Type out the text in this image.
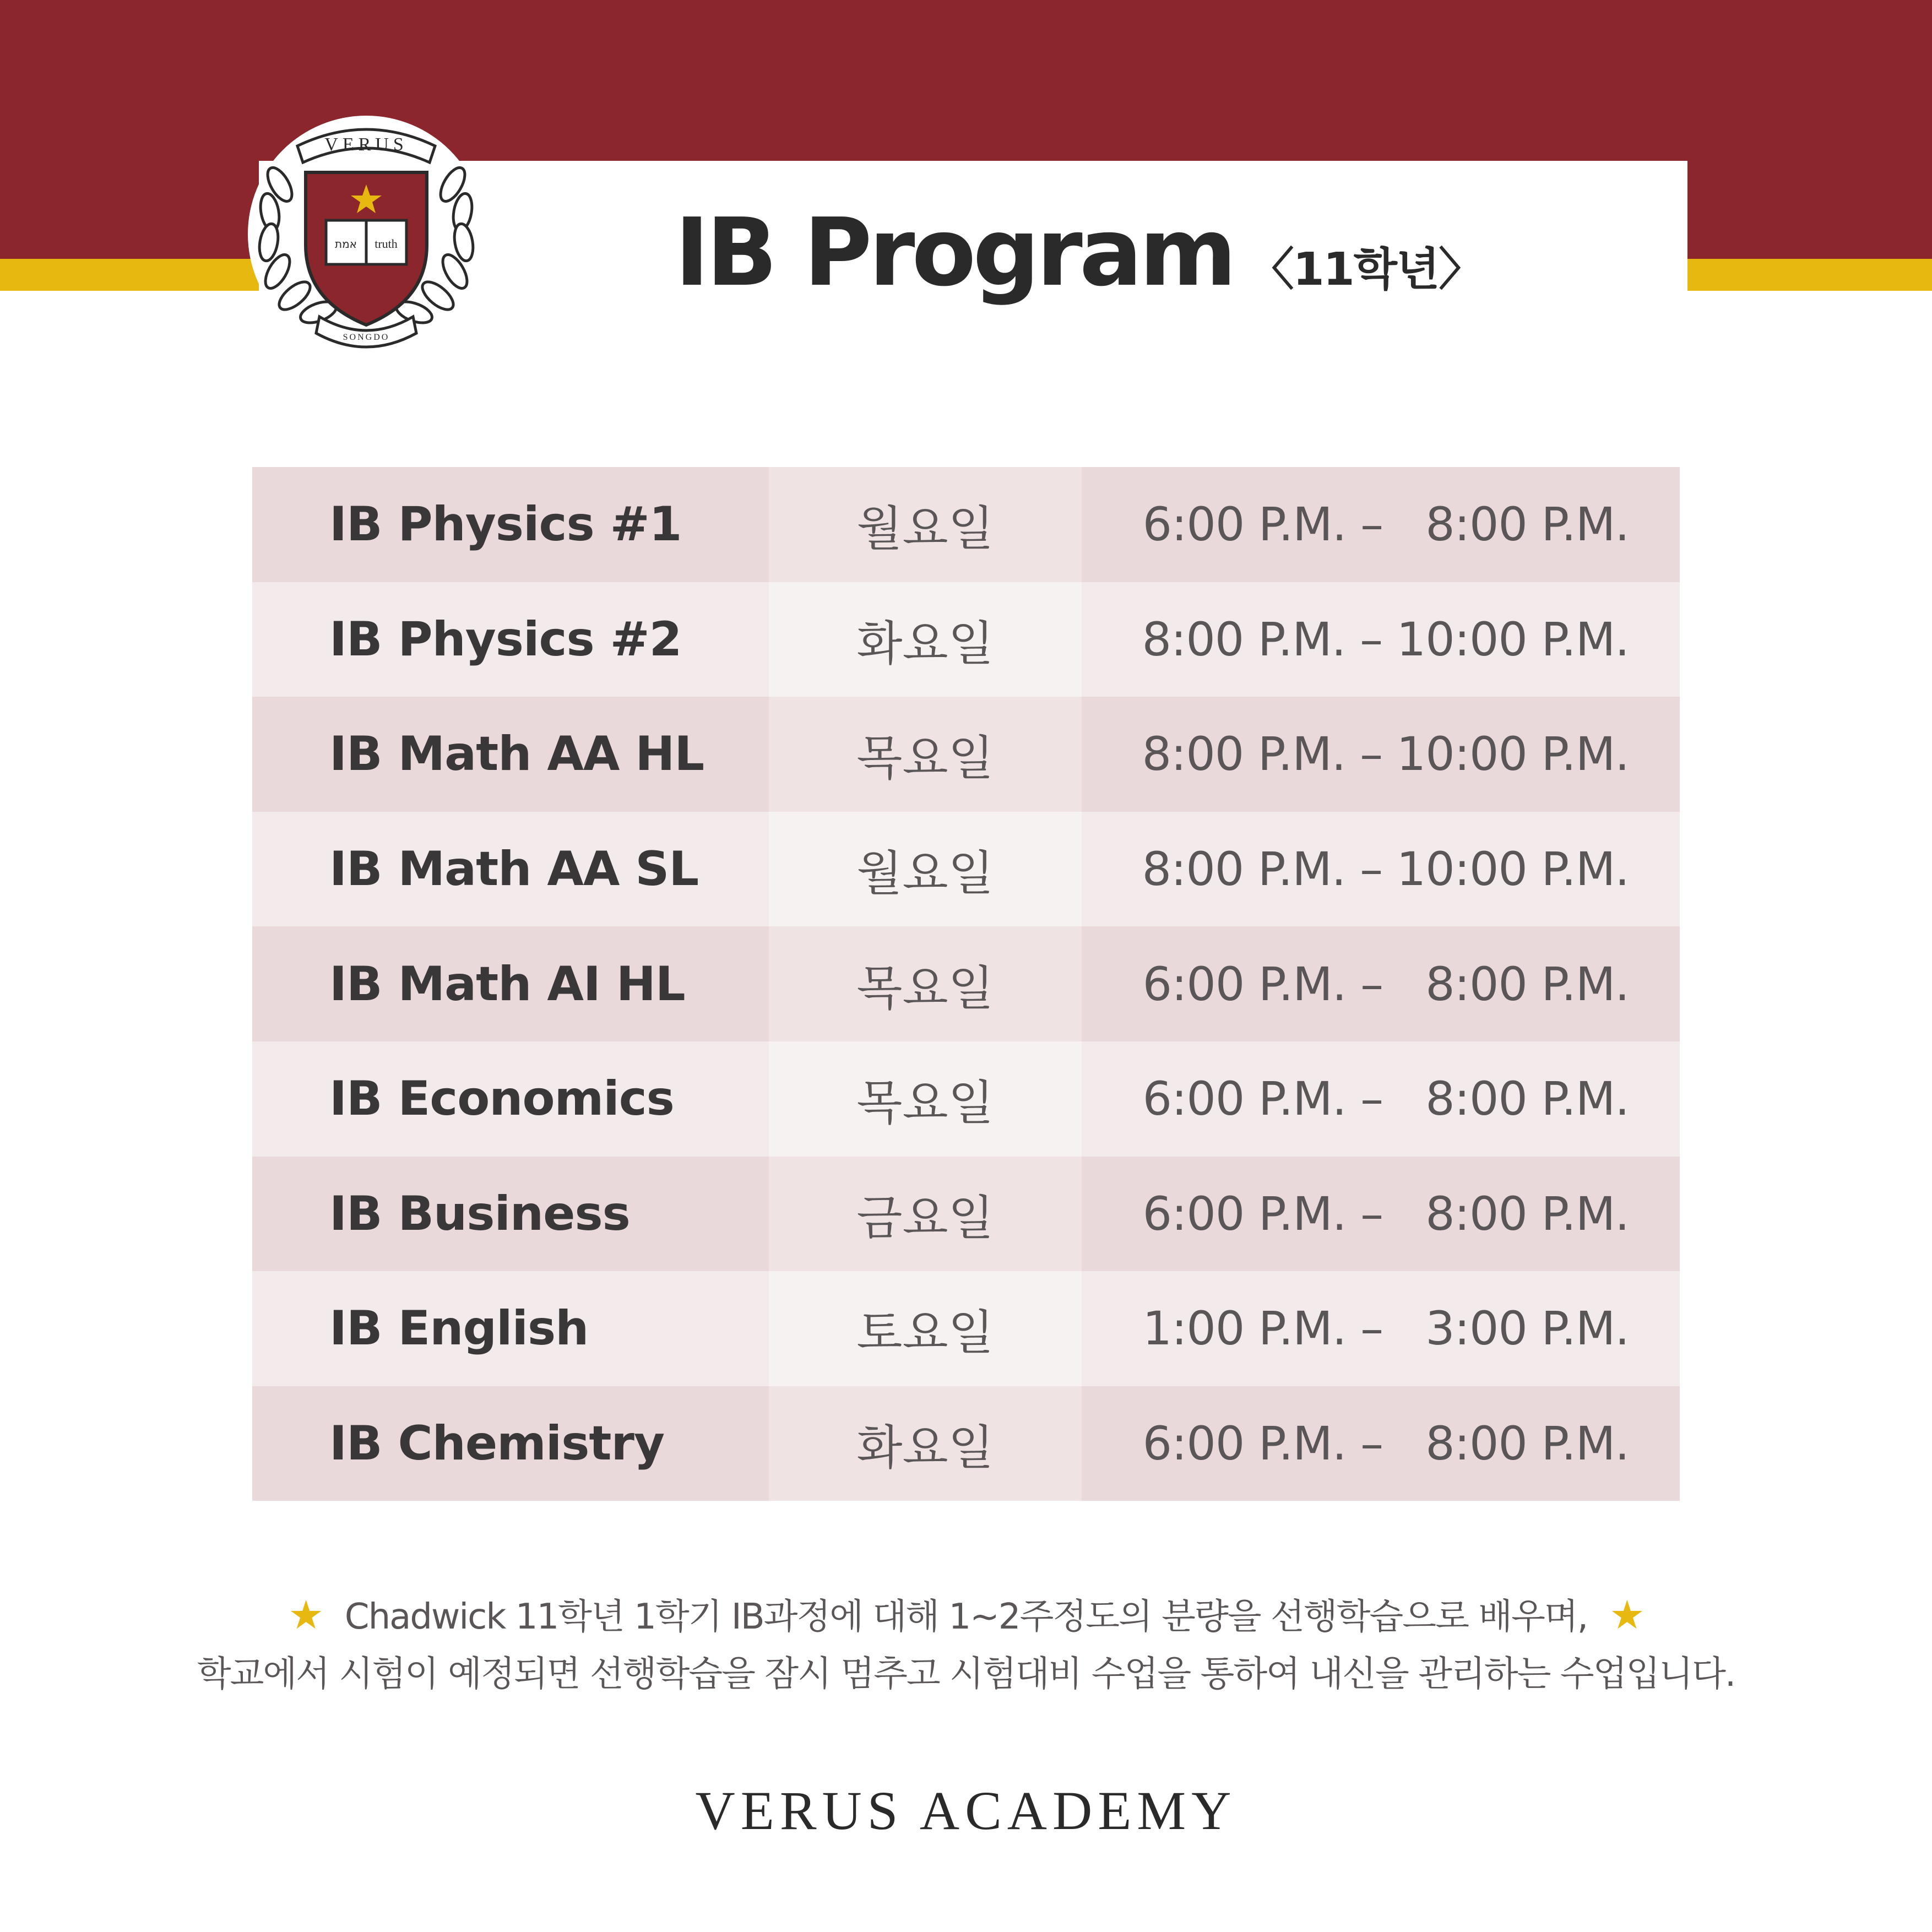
VERUS
אמת truth
SONGDO
IB Program 〈11학년〉
IB Physics #1	월요일	6:00 P.M. –   8:00 P.M.
IB Physics #2	화요일	8:00 P.M. – 10:00 P.M.
IB Math AA HL	목요일	8:00 P.M. – 10:00 P.M.
IB Math AA SL	월요일	8:00 P.M. – 10:00 P.M.
IB Math AI HL	목요일	6:00 P.M. –   8:00 P.M.
IB Economics	목요일	6:00 P.M. –   8:00 P.M.
IB Business	금요일	6:00 P.M. –   8:00 P.M.
IB English	토요일	1:00 P.M. –   3:00 P.M.
IB Chemistry	화요일	6:00 P.M. –   8:00 P.M.
★ Chadwick 11학년 1학기 IB과정에 대해 1~2주정도의 분량을 선행학습으로 배우며, ★
학교에서 시험이 예정되면 선행학습을 잠시 멈추고 시험대비 수업을 통하여 내신을 관리하는 수업입니다.
VERUS ACADEMY
